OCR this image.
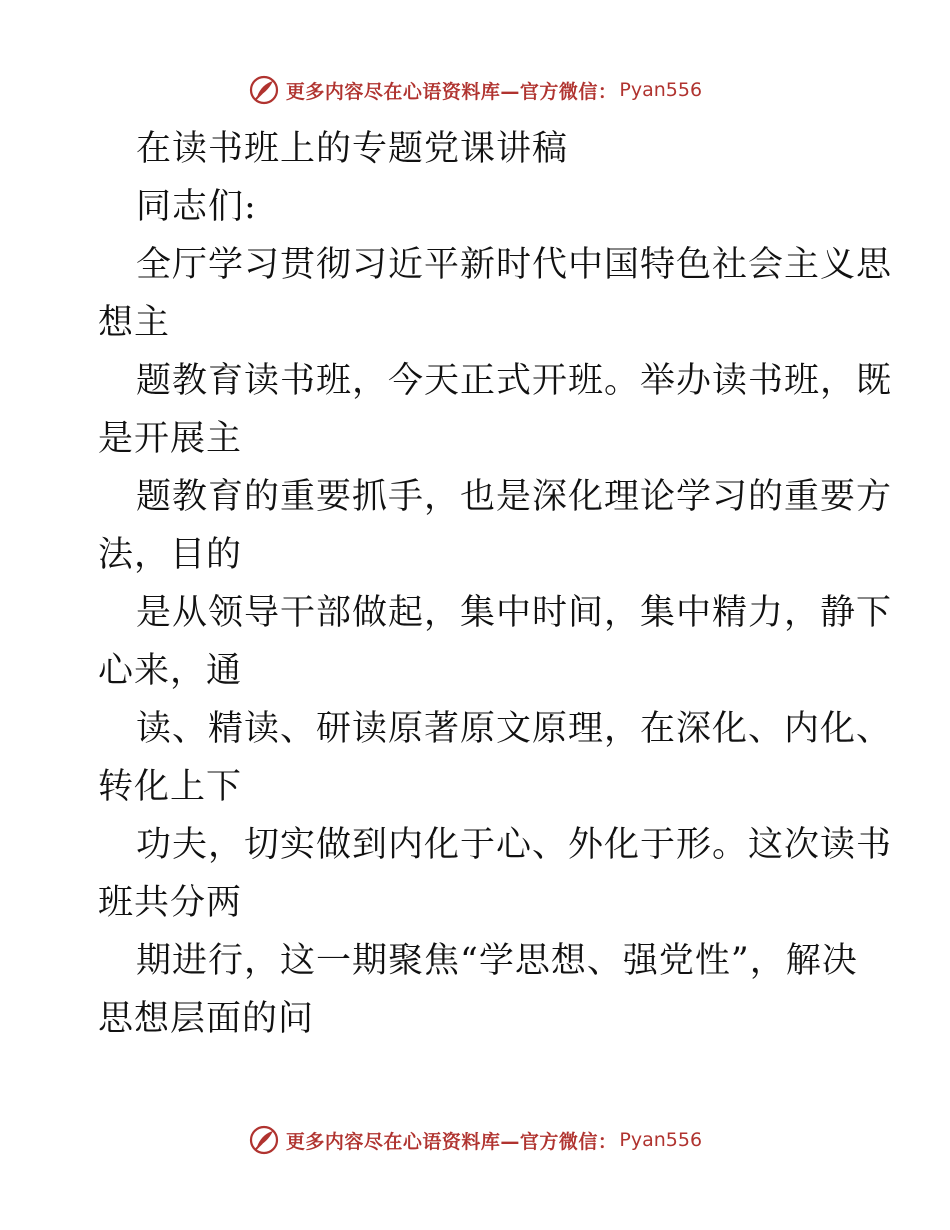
更多内容尽在心语资料库—官方微信： Pyan556
在读书班上的专题党课讲稿
同志们:
全厅学习贯彻习近平新时代中国特色社会主义思
想主
题教育读书班，今天正式开班。举办读书班，既
是开展主
题教育的重要抓手，也是深化理论学习的重要方
法，目的
是从领导干部做起，集中时间，集中精力，静下
心来，通
读、精读、研读原著原文原理，在深化、内化、
转化上下
功夫，切实做到内化于心、外化于形。这次读书
班共分两
期进行，这一期聚焦“学思想、强党性”，解决
思想层面的问
更多内容尽在心语资料库—官方微信： Pyan556
